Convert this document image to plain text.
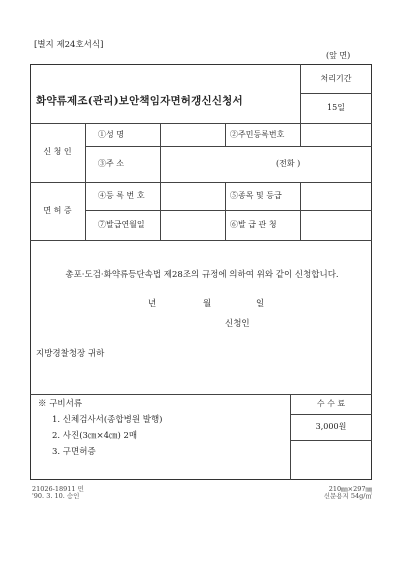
[별지 제24호서식]
(앞 면)
화약류제조(관리)보안책임자면허갱신신청서
처리기간
15일
신 청 인
①성 명	②주민등록번호
③주 소	(전화 )
면 허 증
④등 록 번 호	⑤종목 및 등급
⑦발급연월일	⑥발 급 관 청
총포·도검·화약류등단속법 제28조의 규정에 의하여 위와 같이 신청합니다.
년	월	일
신청인
지방경찰청장 귀하
※ 구비서류
1. 신체검사서(종합병원 발행)
2. 사진(3㎝×4㎝) 2매
3. 구면허증
수 수 료
3,000원
21026-18911 민
'90. 3. 10. 승인
210㎜×297㎜
신문용지 54g/㎡
